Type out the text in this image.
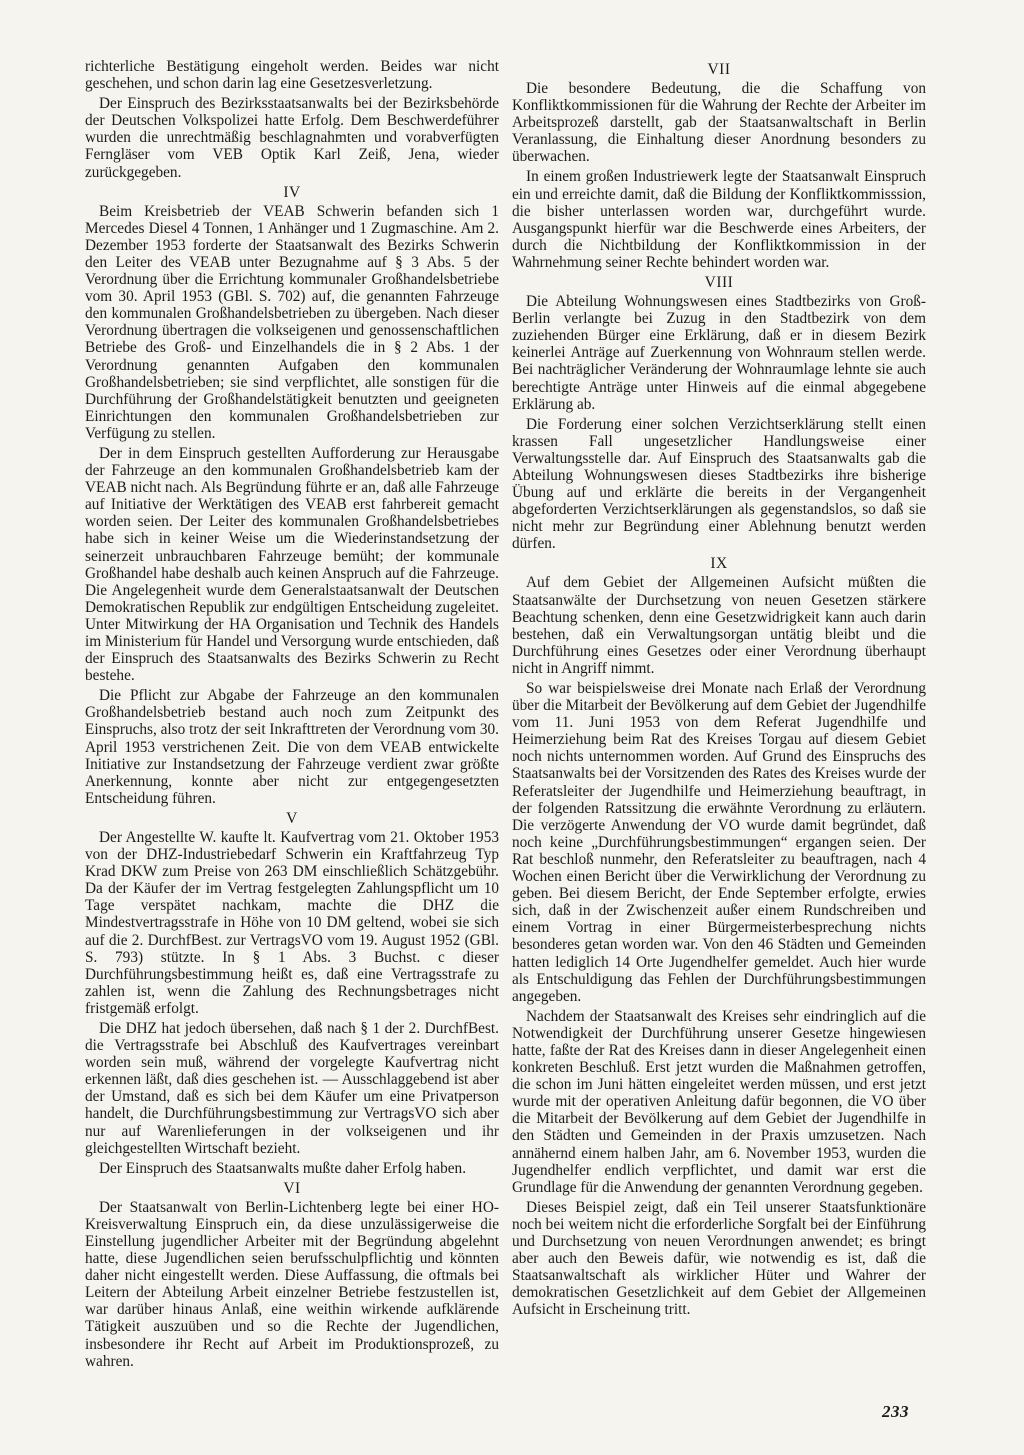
richterliche Bestätigung eingeholt werden. Beides war nicht geschehen, und schon darin lag eine Gesetzesverletzung.

Der Einspruch des Bezirksstaatsanwalts bei der Bezirksbehörde der Deutschen Volkspolizei hatte Erfolg. Dem Beschwerdeführer wurden die unrechtmäßig beschlagnahmten und vorabverfügten Ferngläser vom VEB Optik Karl Zeiß, Jena, wieder zurückgegeben.

IV

Beim Kreisbetrieb der VEAB Schwerin befanden sich 1 Mercedes Diesel 4 Tonnen, 1 Anhänger und 1 Zugmaschine. Am 2. Dezember 1953 forderte der Staatsanwalt des Bezirks Schwerin den Leiter des VEAB unter Bezugnahme auf § 3 Abs. 5 der Verordnung über die Errichtung kommunaler Großhandelsbetriebe vom 30. April 1953 (GBl. S. 702) auf, die genannten Fahrzeuge den kommunalen Großhandelsbetrieben zu übergeben. Nach dieser Verordnung übertragen die volkseigenen und genossenschaftlichen Betriebe des Groß- und Einzelhandels die in § 2 Abs. 1 der Verordnung genannten Aufgaben den kommunalen Großhandelsbetrieben; sie sind verpflichtet, alle sonstigen für die Durchführung der Großhandelstätigkeit benutzten und geeigneten Einrichtungen den kommunalen Großhandelsbetrieben zur Verfügung zu stellen.

Der in dem Einspruch gestellten Aufforderung zur Herausgabe der Fahrzeuge an den kommunalen Großhandelsbetrieb kam der VEAB nicht nach. Als Begründung führte er an, daß alle Fahrzeuge auf Initiative der Werktätigen des VEAB erst fahrbereit gemacht worden seien. Der Leiter des kommunalen Großhandelsbetriebes habe sich in keiner Weise um die Wiederinstandsetzung der seinerzeit unbrauchbaren Fahrzeuge bemüht; der kommunale Großhandel habe deshalb auch keinen Anspruch auf die Fahrzeuge. Die Angelegenheit wurde dem Generalstaatsanwalt der Deutschen Demokratischen Republik zur endgültigen Entscheidung zugeleitet. Unter Mitwirkung der HA Organisation und Technik des Handels im Ministerium für Handel und Versorgung wurde entschieden, daß der Einspruch des Staatsanwalts des Bezirks Schwerin zu Recht bestehe.

Die Pflicht zur Abgabe der Fahrzeuge an den kommunalen Großhandelsbetrieb bestand auch noch zum Zeitpunkt des Einspruchs, also trotz der seit Inkrafttreten der Verordnung vom 30. April 1953 verstrichenen Zeit. Die von dem VEAB entwickelte Initiative zur Instandsetzung der Fahrzeuge verdient zwar größte Anerkennung, konnte aber nicht zur entgegengesetzten Entscheidung führen.

V

Der Angestellte W. kaufte lt. Kaufvertrag vom 21. Oktober 1953 von der DHZ-Industriebedarf Schwerin ein Kraftfahrzeug Typ Krad DKW zum Preise von 263 DM einschließlich Schätzgebühr. Da der Käufer der im Vertrag festgelegten Zahlungspflicht um 10 Tage verspätet nachkam, machte die DHZ die Mindestvertragsstrafe in Höhe von 10 DM geltend, wobei sie sich auf die 2. DurchfBest. zur VertragsVO vom 19. August 1952 (GBl. S. 793) stützte. In § 1 Abs. 3 Buchst. c dieser Durchführungsbestimmung heißt es, daß eine Vertragsstrafe zu zahlen ist, wenn die Zahlung des Rechnungsbetrages nicht fristgemäß erfolgt.

Die DHZ hat jedoch übersehen, daß nach § 1 der 2. DurchfBest. die Vertragsstrafe bei Abschluß des Kaufvertrages vereinbart worden sein muß, während der vorgelegte Kaufvertrag nicht erkennen läßt, daß dies geschehen ist. — Ausschlaggebend ist aber der Umstand, daß es sich bei dem Käufer um eine Privatperson handelt, die Durchführungsbestimmung zur VertragsVO sich aber nur auf Warenlieferungen in der volkseigenen und ihr gleichgestellten Wirtschaft bezieht.

Der Einspruch des Staatsanwalts mußte daher Erfolg haben.

VI

Der Staatsanwalt von Berlin-Lichtenberg legte bei einer HO-Kreisverwaltung Einspruch ein, da diese unzulässigerweise die Einstellung jugendlicher Arbeiter mit der Begründung abgelehnt hatte, diese Jugendlichen seien berufsschulpflichtig und könnten daher nicht eingestellt werden. Diese Auffassung, die oftmals bei Leitern der Abteilung Arbeit einzelner Betriebe festzustellen ist, war darüber hinaus Anlaß, eine weithin wirkende aufklärende Tätigkeit auszuüben und so die Rechte der Jugendlichen, insbesondere ihr Recht auf Arbeit im Produktionsprozeß, zu wahren.

VII

Die besondere Bedeutung, die die Schaffung von Konfliktkommissionen für die Wahrung der Rechte der Arbeiter im Arbeitsprozeß darstellt, gab der Staatsanwaltschaft in Berlin Veranlassung, die Einhaltung dieser Anordnung besonders zu überwachen.

In einem großen Industriewerk legte der Staatsanwalt Einspruch ein und erreichte damit, daß die Bildung der Konfliktkommisssion, die bisher unterlassen worden war, durchgeführt wurde. Ausgangspunkt hierfür war die Beschwerde eines Arbeiters, der durch die Nichtbildung der Konfliktkommission in der Wahrnehmung seiner Rechte behindert worden war.

VIII

Die Abteilung Wohnungswesen eines Stadtbezirks von Groß-Berlin verlangte bei Zuzug in den Stadtbezirk von dem zuziehenden Bürger eine Erklärung, daß er in diesem Bezirk keinerlei Anträge auf Zuerkennung von Wohnraum stellen werde. Bei nachträglicher Veränderung der Wohnraumlage lehnte sie auch berechtigte Anträge unter Hinweis auf die einmal abgegebene Erklärung ab.

Die Forderung einer solchen Verzichtserklärung stellt einen krassen Fall ungesetzlicher Handlungsweise einer Verwaltungsstelle dar. Auf Einspruch des Staatsanwalts gab die Abteilung Wohnungswesen dieses Stadtbezirks ihre bisherige Übung auf und erklärte die bereits in der Vergangenheit abgeforderten Verzichtserklärungen als gegenstandslos, so daß sie nicht mehr zur Begründung einer Ablehnung benutzt werden dürfen.

IX

Auf dem Gebiet der Allgemeinen Aufsicht müßten die Staatsanwälte der Durchsetzung von neuen Gesetzen stärkere Beachtung schenken, denn eine Gesetzwidrigkeit kann auch darin bestehen, daß ein Verwaltungsorgan untätig bleibt und die Durchführung eines Gesetzes oder einer Verordnung überhaupt nicht in Angriff nimmt.

So war beispielsweise drei Monate nach Erlaß der Verordnung über die Mitarbeit der Bevölkerung auf dem Gebiet der Jugendhilfe vom 11. Juni 1953 von dem Referat Jugendhilfe und Heimerziehung beim Rat des Kreises Torgau auf diesem Gebiet noch nichts unternommen worden. Auf Grund des Einspruchs des Staatsanwalts bei der Vorsitzenden des Rates des Kreises wurde der Referatsleiter der Jugendhilfe und Heimerziehung beauftragt, in der folgenden Ratssitzung die erwähnte Verordnung zu erläutern. Die verzögerte Anwendung der VO wurde damit begründet, daß noch keine „Durchführungsbestimmungen“ ergangen seien. Der Rat beschloß nunmehr, den Referatsleiter zu beauftragen, nach 4 Wochen einen Bericht über die Verwirklichung der Verordnung zu geben. Bei diesem Bericht, der Ende September erfolgte, erwies sich, daß in der Zwischenzeit außer einem Rundschreiben und einem Vortrag in einer Bürgermeisterbesprechung nichts besonderes getan worden war. Von den 46 Städten und Gemeinden hatten lediglich 14 Orte Jugendhelfer gemeldet. Auch hier wurde als Entschuldigung das Fehlen der Durchführungsbestimmungen angegeben.

Nachdem der Staatsanwalt des Kreises sehr eindringlich auf die Notwendigkeit der Durchführung unserer Gesetze hingewiesen hatte, faßte der Rat des Kreises dann in dieser Angelegenheit einen konkreten Beschluß. Erst jetzt wurden die Maßnahmen getroffen, die schon im Juni hätten eingeleitet werden müssen, und erst jetzt wurde mit der operativen Anleitung dafür begonnen, die VO über die Mitarbeit der Bevölkerung auf dem Gebiet der Jugendhilfe in den Städten und Gemeinden in der Praxis umzusetzen. Nach annähernd einem halben Jahr, am 6. November 1953, wurden die Jugendhelfer endlich verpflichtet, und damit war erst die Grundlage für die Anwendung der genannten Verordnung gegeben.

Dieses Beispiel zeigt, daß ein Teil unserer Staatsfunktionäre noch bei weitem nicht die erforderliche Sorgfalt bei der Einführung und Durchsetzung von neuen Verordnungen anwendet; es bringt aber auch den Beweis dafür, wie notwendig es ist, daß die Staatsanwaltschaft als wirklicher Hüter und Wahrer der demokratischen Gesetzlichkeit auf dem Gebiet der Allgemeinen Aufsicht in Erscheinung tritt.

233
